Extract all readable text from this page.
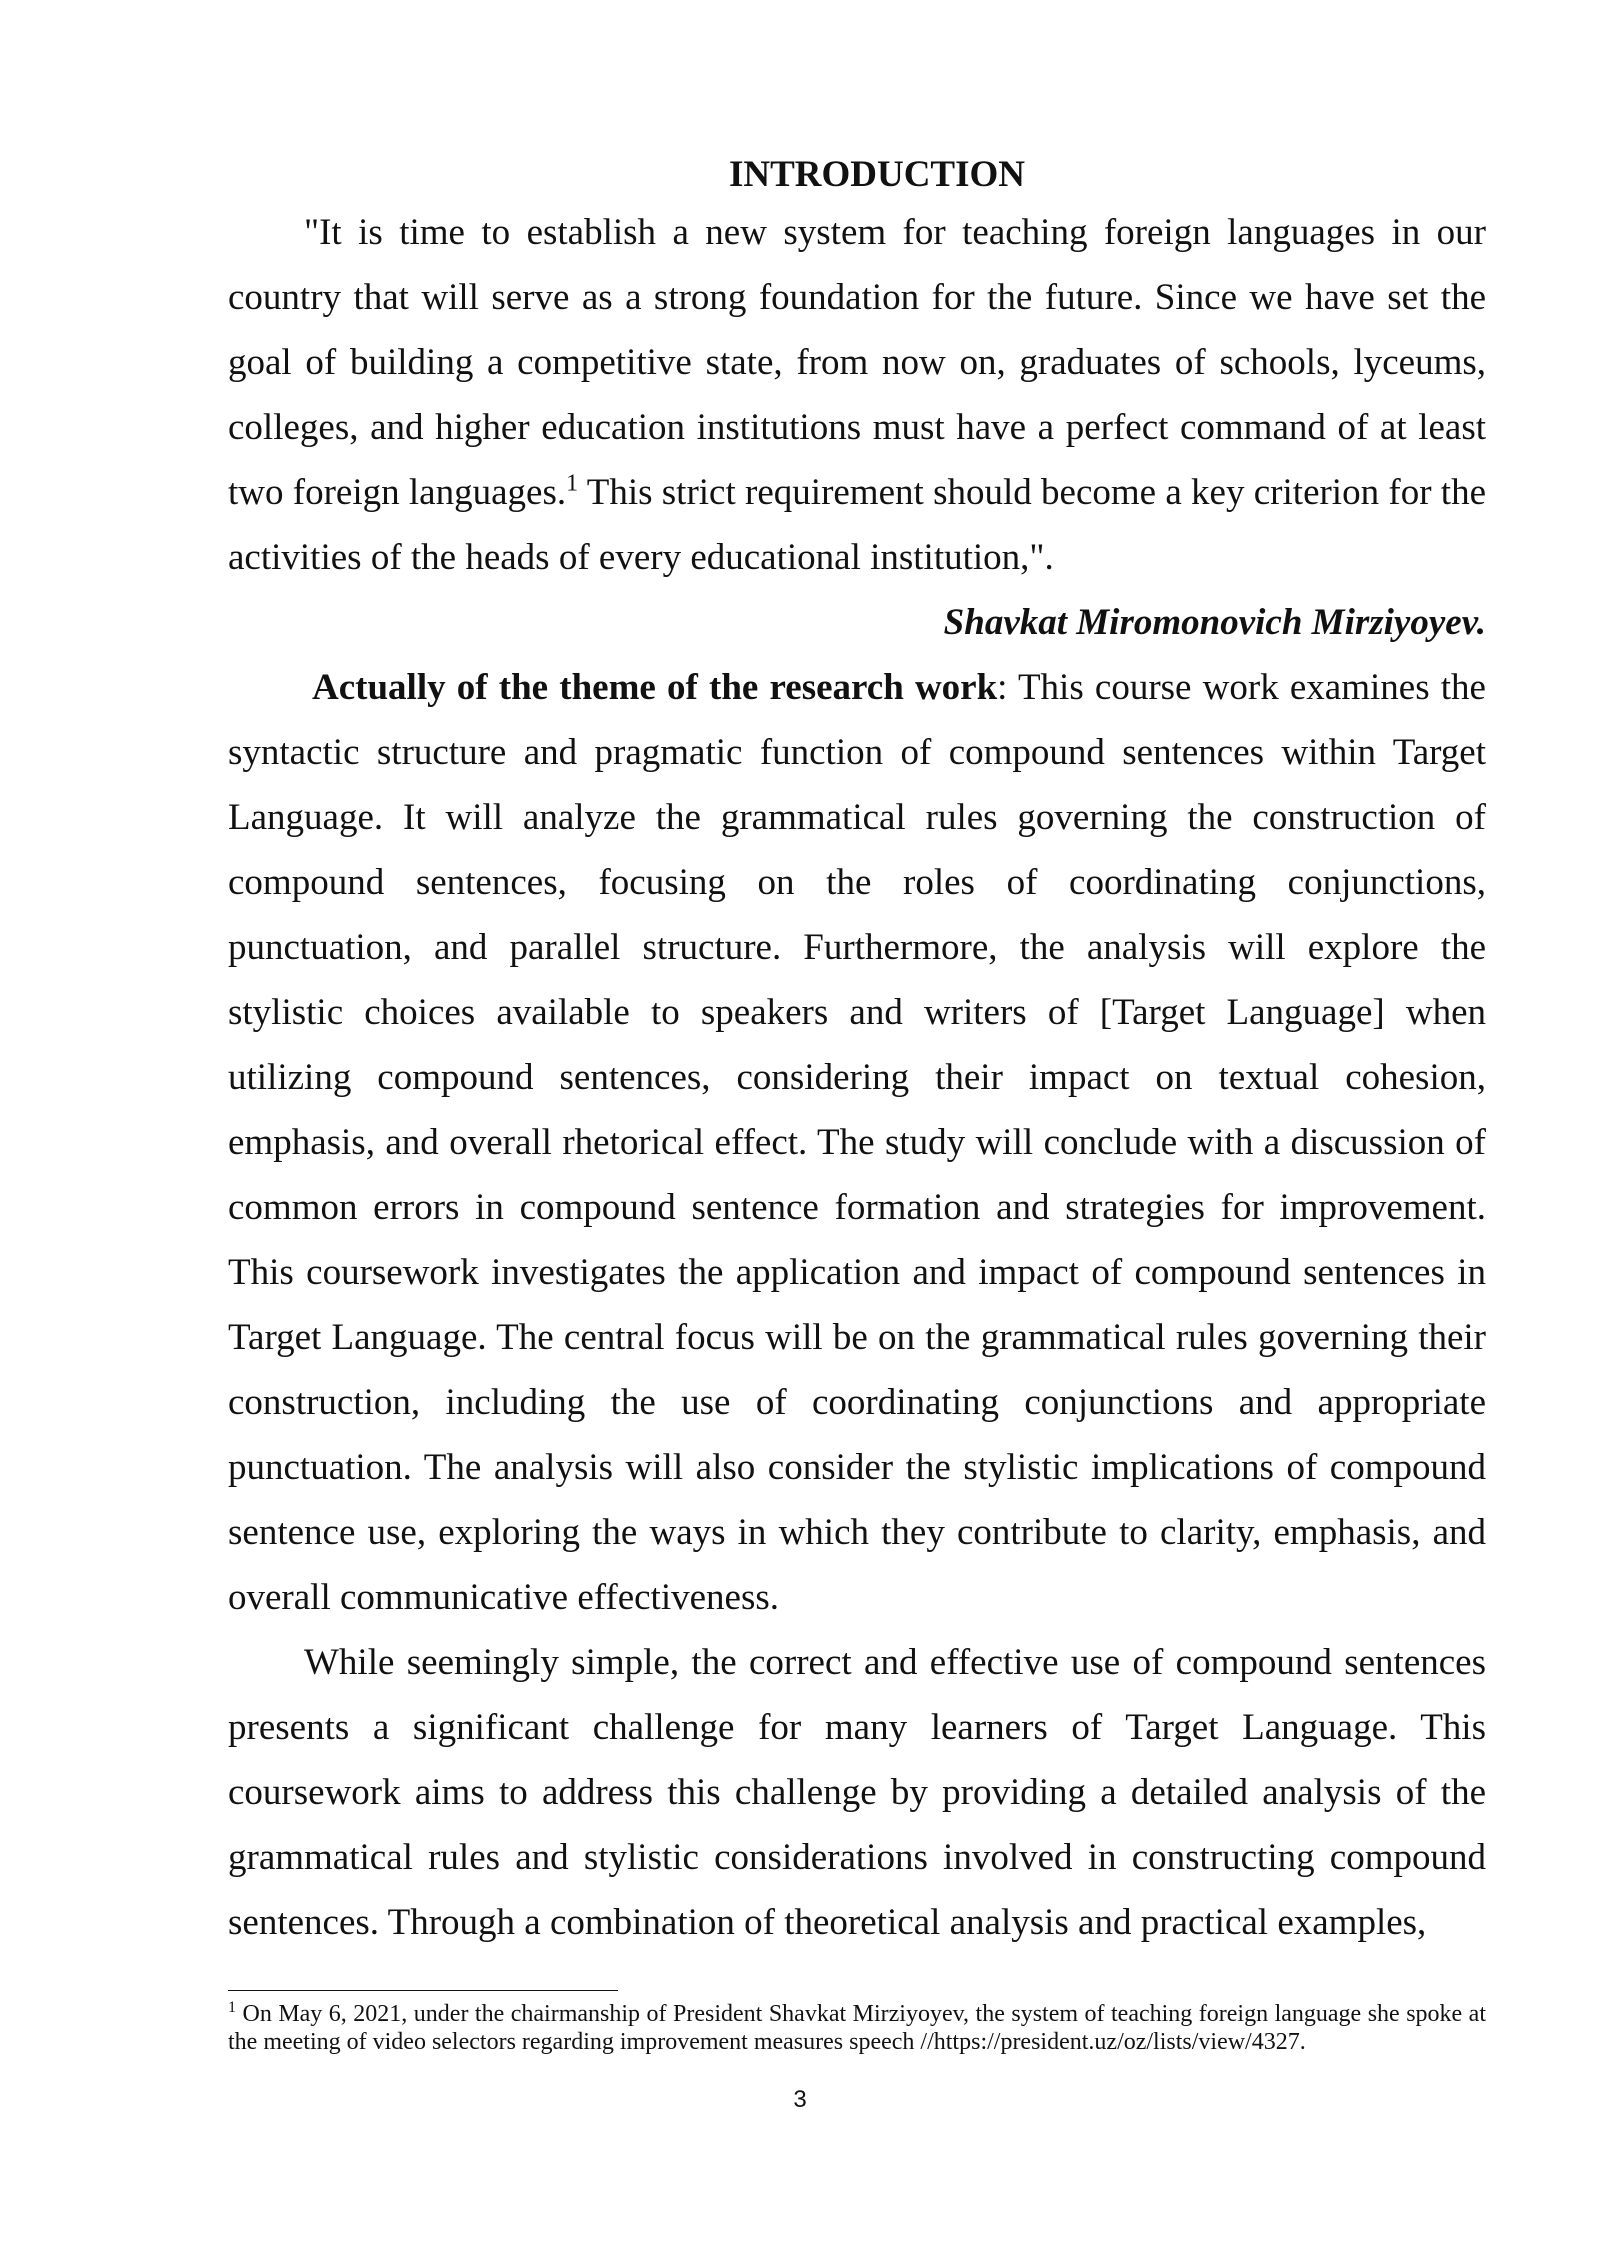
INTRODUCTION

"It is time to establish a new system for teaching foreign languages in our country that will serve as a strong foundation for the future. Since we have set the goal of building a competitive state, from now on, graduates of schools, lyceums, colleges, and higher education institutions must have a perfect command of at least two foreign languages.$^1$ This strict requirement should become a key criterion for the activities of the heads of every educational institution,".

Shavkat Miromonovich Mirziyoyev.

Actually of the theme of the research work: This course work examines the syntactic structure and pragmatic function of compound sentences within Target Language. It will analyze the grammatical rules governing the construction of compound sentences, focusing on the roles of coordinating conjunctions, punctuation, and parallel structure. Furthermore, the analysis will explore the stylistic choices available to speakers and writers of [Target Language] when utilizing compound sentences, considering their impact on textual cohesion, emphasis, and overall rhetorical effect. The study will conclude with a discussion of common errors in compound sentence formation and strategies for improvement. This coursework investigates the application and impact of compound sentences in Target Language. The central focus will be on the grammatical rules governing their construction, including the use of coordinating conjunctions and appropriate punctuation. The analysis will also consider the stylistic implications of compound sentence use, exploring the ways in which they contribute to clarity, emphasis, and overall communicative effectiveness.

While seemingly simple, the correct and effective use of compound sentences presents a significant challenge for many learners of Target Language. This coursework aims to address this challenge by providing a detailed analysis of the grammatical rules and stylistic considerations involved in constructing compound sentences. Through a combination of theoretical analysis and practical examples,

$^1$ On May 6, 2021, under the chairmanship of President Shavkat Mirziyoyev, the system of teaching foreign language she spoke at the meeting of video selectors regarding improvement measures speech //https://president.uz/oz/lists/view/4327.

3
